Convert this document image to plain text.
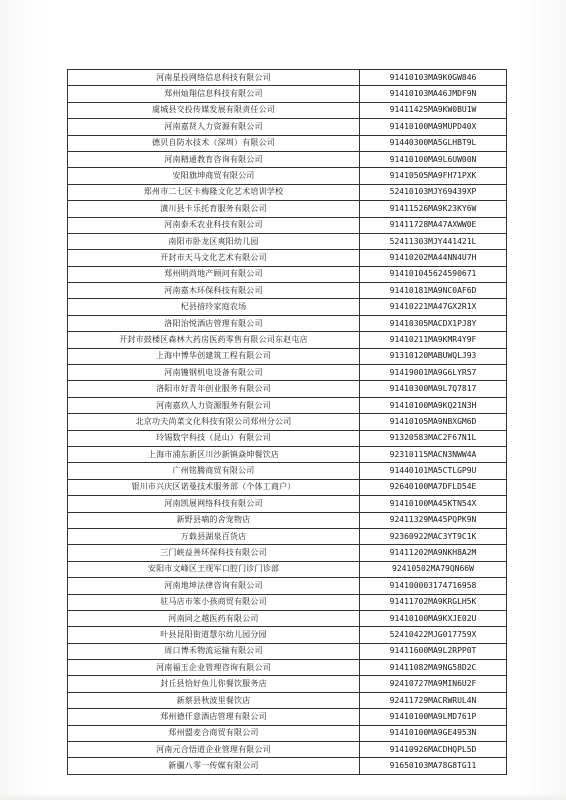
河南星投网络信息科技有限公司	91410103MA9K0GW846
郑州灿翔信息科技有限公司	91410103MA46JMDF9N
虞城县交投传媒发展有限责任公司	91411425MA9KW0BU1W
河南嘉贤人力资源有限公司	91410100MA9MUPD40X
德贝自防水技术（深圳）有限公司	91440300MA5GLHBT9L
河南精通教育咨询有限公司	91410100MA9L6UW00N
安阳旗坤商贸有限公司	91410505MA9FH71PXK
郑州市二七区卡梅隆文化艺术培训学校	52410103MJY69439XP
潢川县卡乐托育服务有限公司	91411526MA9K23KY6W
河南泰禾农业科技有限公司	91411728MA47AXWW0E
南阳市卧龙区爽阳幼儿园	52411303MJY441421L
开封市天马文化艺术有限公司	91410202MA44NN4U7H
郑州明尚地产顾问有限公司	914101045624590671
河南嘉木环保科技有限公司	91410181MA9NC0AF6D
杞县揞玲家庭农场	91410221MA47GX2R1X
洛阳治悦酒店管理有限公司	91410305MACDX1PJ8Y
开封市鼓楼区森林大药房医药零售有限公司东赵屯店	91410211MA9KMR4Y9F
上海中博华创建筑工程有限公司	91310120MABUWQLJ93
河南镬钢机电设备有限公司	91419001MA9G6LYR57
洛阳市好青年创业服务有限公司	91410300MA9L7Q7817
河南嘉玖人力资源服务有限公司	91410100MA9KQ21N3H
北京功夫尚菜文化科技有限公司郑州分公司	91410105MA9NBXGM6D
玲锡数字科技（昆山）有限公司	91320583MAC2F67N1L
上海市浦东新区川沙新镇焱坤餐饮店	92310115MACN3NWW4A
广州铭腾商贸有限公司	91440101MA5CTLGP9U
银川市兴庆区诺曼技术服务部（个体工商户）	92640100MA7DFLD54E
河南凯展网络科技有限公司	91410100MA45KTN54X
新野县嘀的舍宠物店	92411329MA45PQPK9N
万载县湖泉百货店	92360922MAC3YT9C1K
三门峡益善环保科技有限公司	91411202MA9NKH8A2M
安阳市文峰区王现军口腔门诊门诊部	92410502MA79QN66W
河南地坤法律咨询有限公司	914100003174716958
驻马店市笨小孩商贸有限公司	91411702MA9KRGLH5K
河南同之越医药有限公司	91410100MA9KXJE02U
叶县昆阳街道慧尔幼儿园分园	52410422MJG017759X
周口博禾物流运输有限公司	91411600MA9L2RPP0T
河南福玉企业管理咨询有限公司	91411082MA9NG58D2C
封丘县恰好鱼儿你餐饮服务店	92410727MA9MIN6U2F
新蔡县秋波里餐饮店	92411729MACRWRUL4N
郑州德仟意酒店管理有限公司	91410100MA9LMD761P
郑州盟麦合商贸有限公司	91410100MA9GE4953N
河南元合悟道企业管理有限公司	91410926MACDHQPL5D
新疆八零一传媒有限公司	91650103MA78G8TG11
